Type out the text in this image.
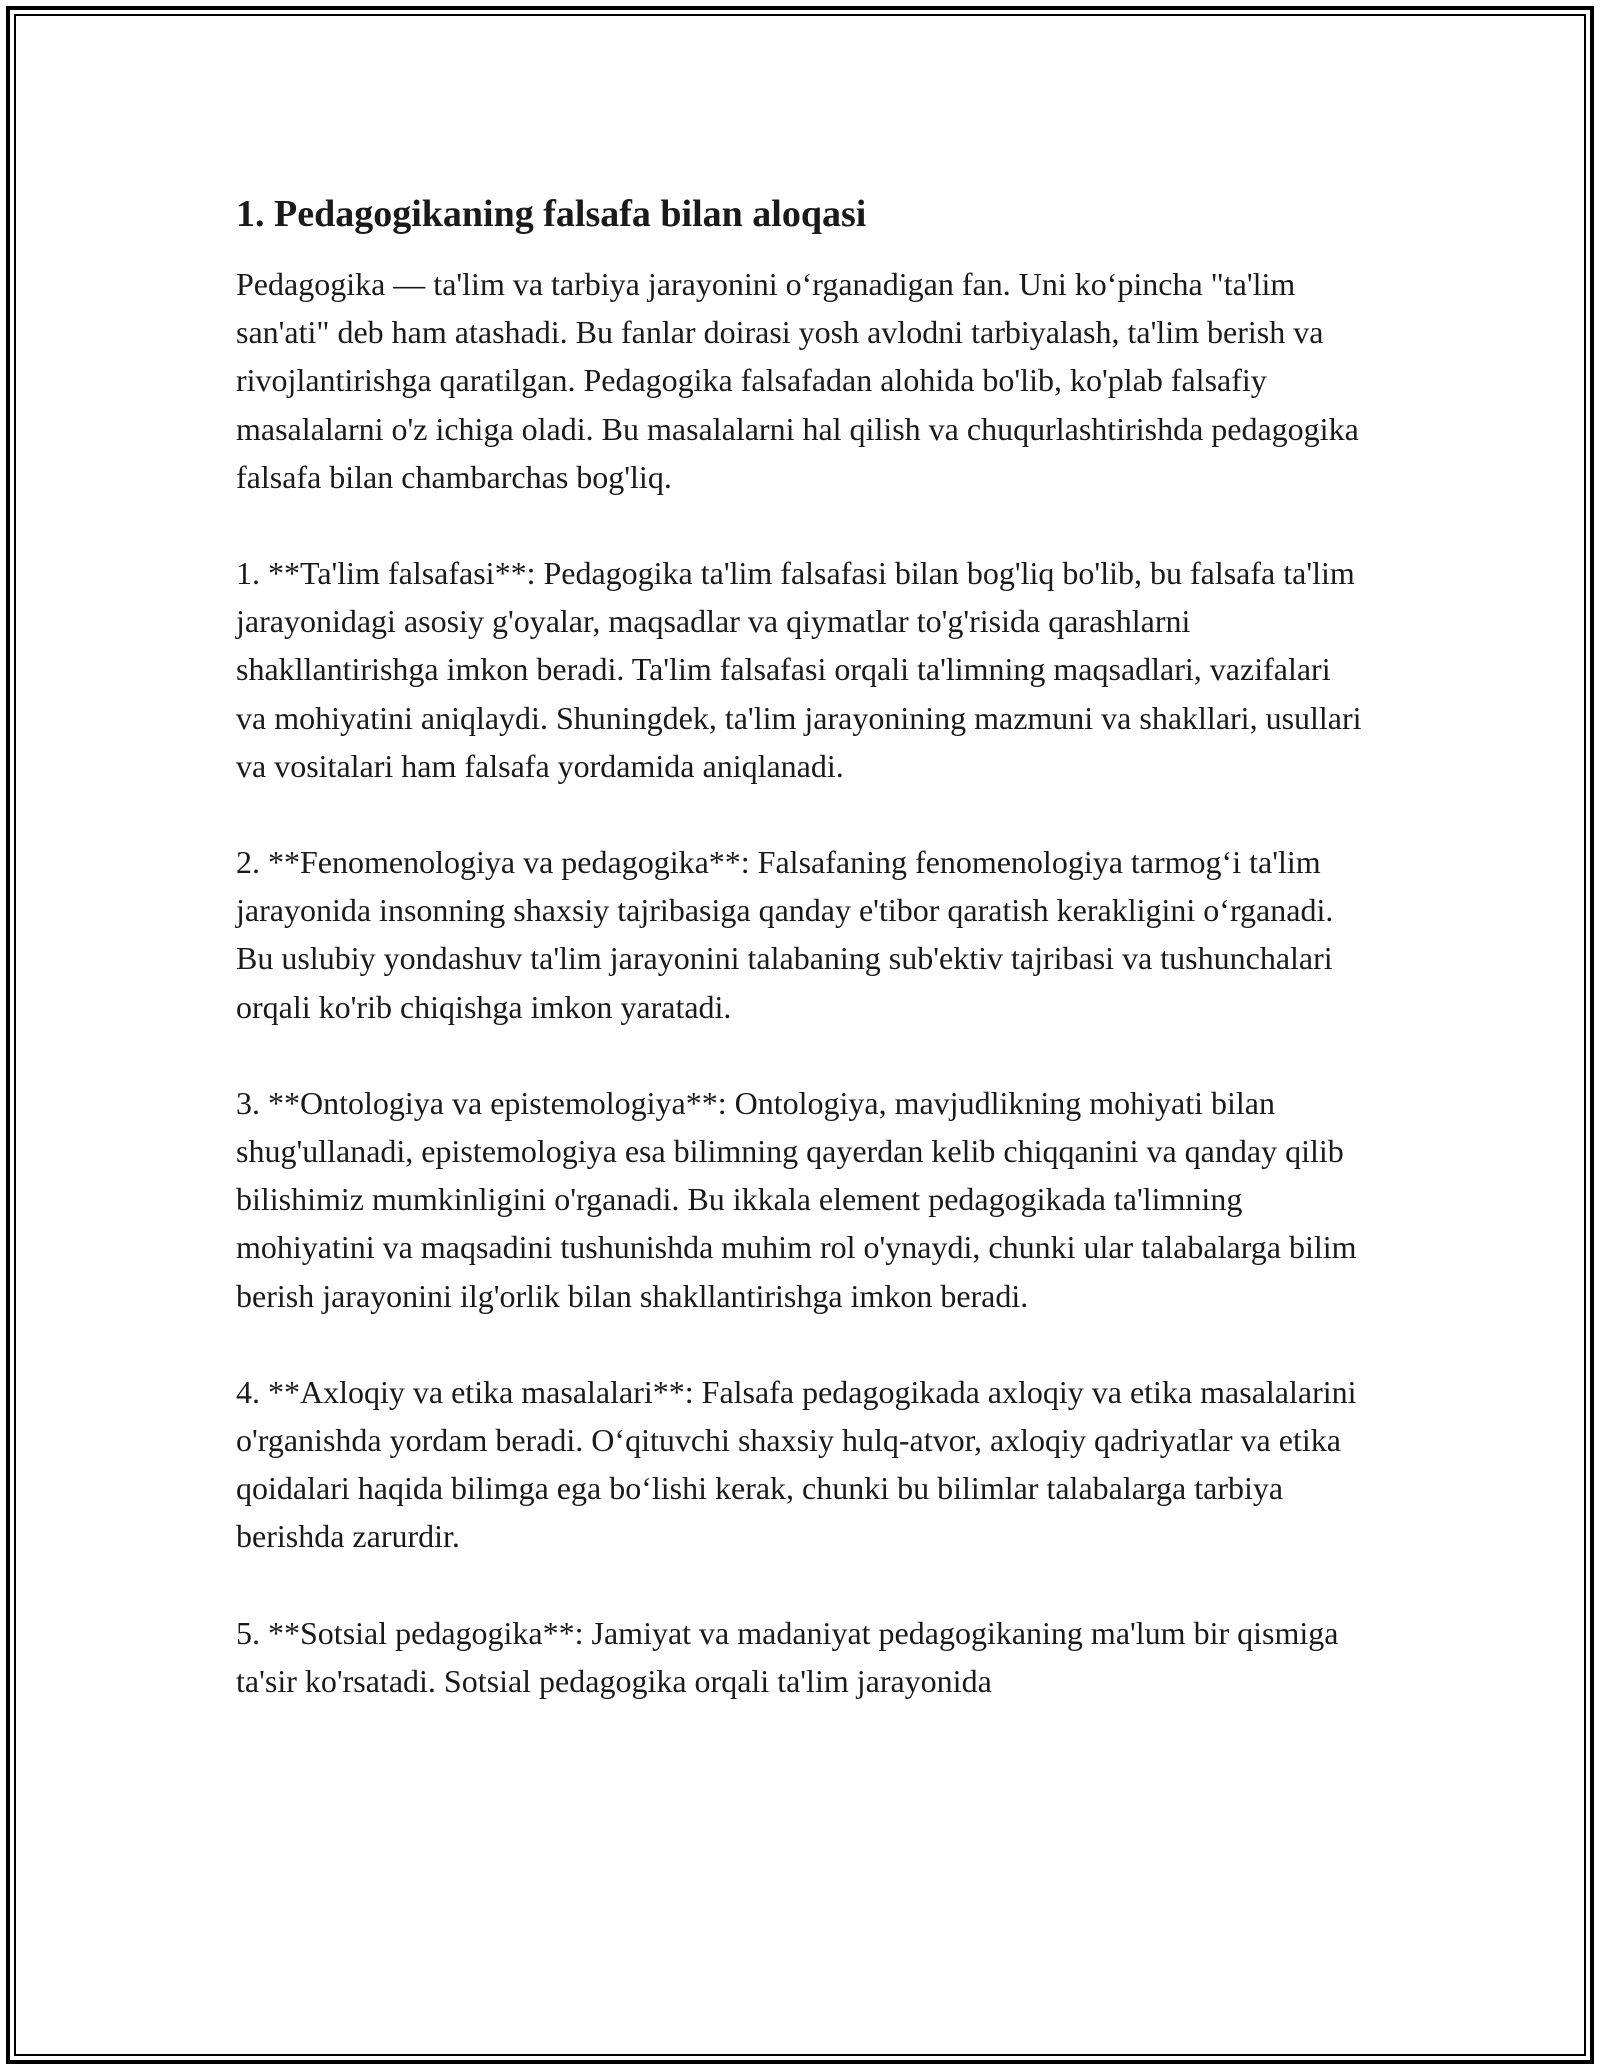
1. Pedagogikaning falsafa bilan aloqasi

Pedagogika — ta'lim va tarbiya jarayonini o‘rganadigan fan. Uni ko‘pincha "ta'lim san'ati" deb ham atashadi. Bu fanlar doirasi yosh avlodni tarbiyalash, ta'lim berish va rivojlantirishga qaratilgan. Pedagogika falsafadan alohida bo'lib, ko'plab falsafiy masalalarni o'z ichiga oladi. Bu masalalarni hal qilish va chuqurlashtirishda pedagogika falsafa bilan chambarchas bog'liq.

1. **Ta'lim falsafasi**: Pedagogika ta'lim falsafasi bilan bog'liq bo'lib, bu falsafa ta'lim jarayonidagi asosiy g'oyalar, maqsadlar va qiymatlar to'g'risida qarashlarni shakllantirishga imkon beradi. Ta'lim falsafasi orqali ta'limning maqsadlari, vazifalari va mohiyatini aniqlaydi. Shuningdek, ta'lim jarayonining mazmuni va shakllari, usullari va vositalari ham falsafa yordamida aniqlanadi.

2. **Fenomenologiya va pedagogika**: Falsafaning fenomenologiya tarmog‘i ta'lim jarayonida insonning shaxsiy tajribasiga qanday e'tibor qaratish kerakligini o‘rganadi. Bu uslubiy yondashuv ta'lim jarayonini talabaning sub'ektiv tajribasi va tushunchalari orqali ko'rib chiqishga imkon yaratadi.

3. **Ontologiya va epistemologiya**: Ontologiya, mavjudlikning mohiyati bilan shug'ullanadi, epistemologiya esa bilimning qayerdan kelib chiqqanini va qanday qilib bilishimiz mumkinligini o'rganadi. Bu ikkala element pedagogikada ta'limning mohiyatini va maqsadini tushunishda muhim rol o'ynaydi, chunki ular talabalarga bilim berish jarayonini ilg'orlik bilan shakllantirishga imkon beradi.

4. **Axloqiy va etika masalalari**: Falsafa pedagogikada axloqiy va etika masalalarini o'rganishda yordam beradi. O‘qituvchi shaxsiy hulq-atvor, axloqiy qadriyatlar va etika qoidalari haqida bilimga ega bo‘lishi kerak, chunki bu bilimlar talabalarga tarbiya berishda zarurdir.

5. **Sotsial pedagogika**: Jamiyat va madaniyat pedagogikaning ma'lum bir qismiga ta'sir ko'rsatadi. Sotsial pedagogika orqali ta'lim jarayonida
